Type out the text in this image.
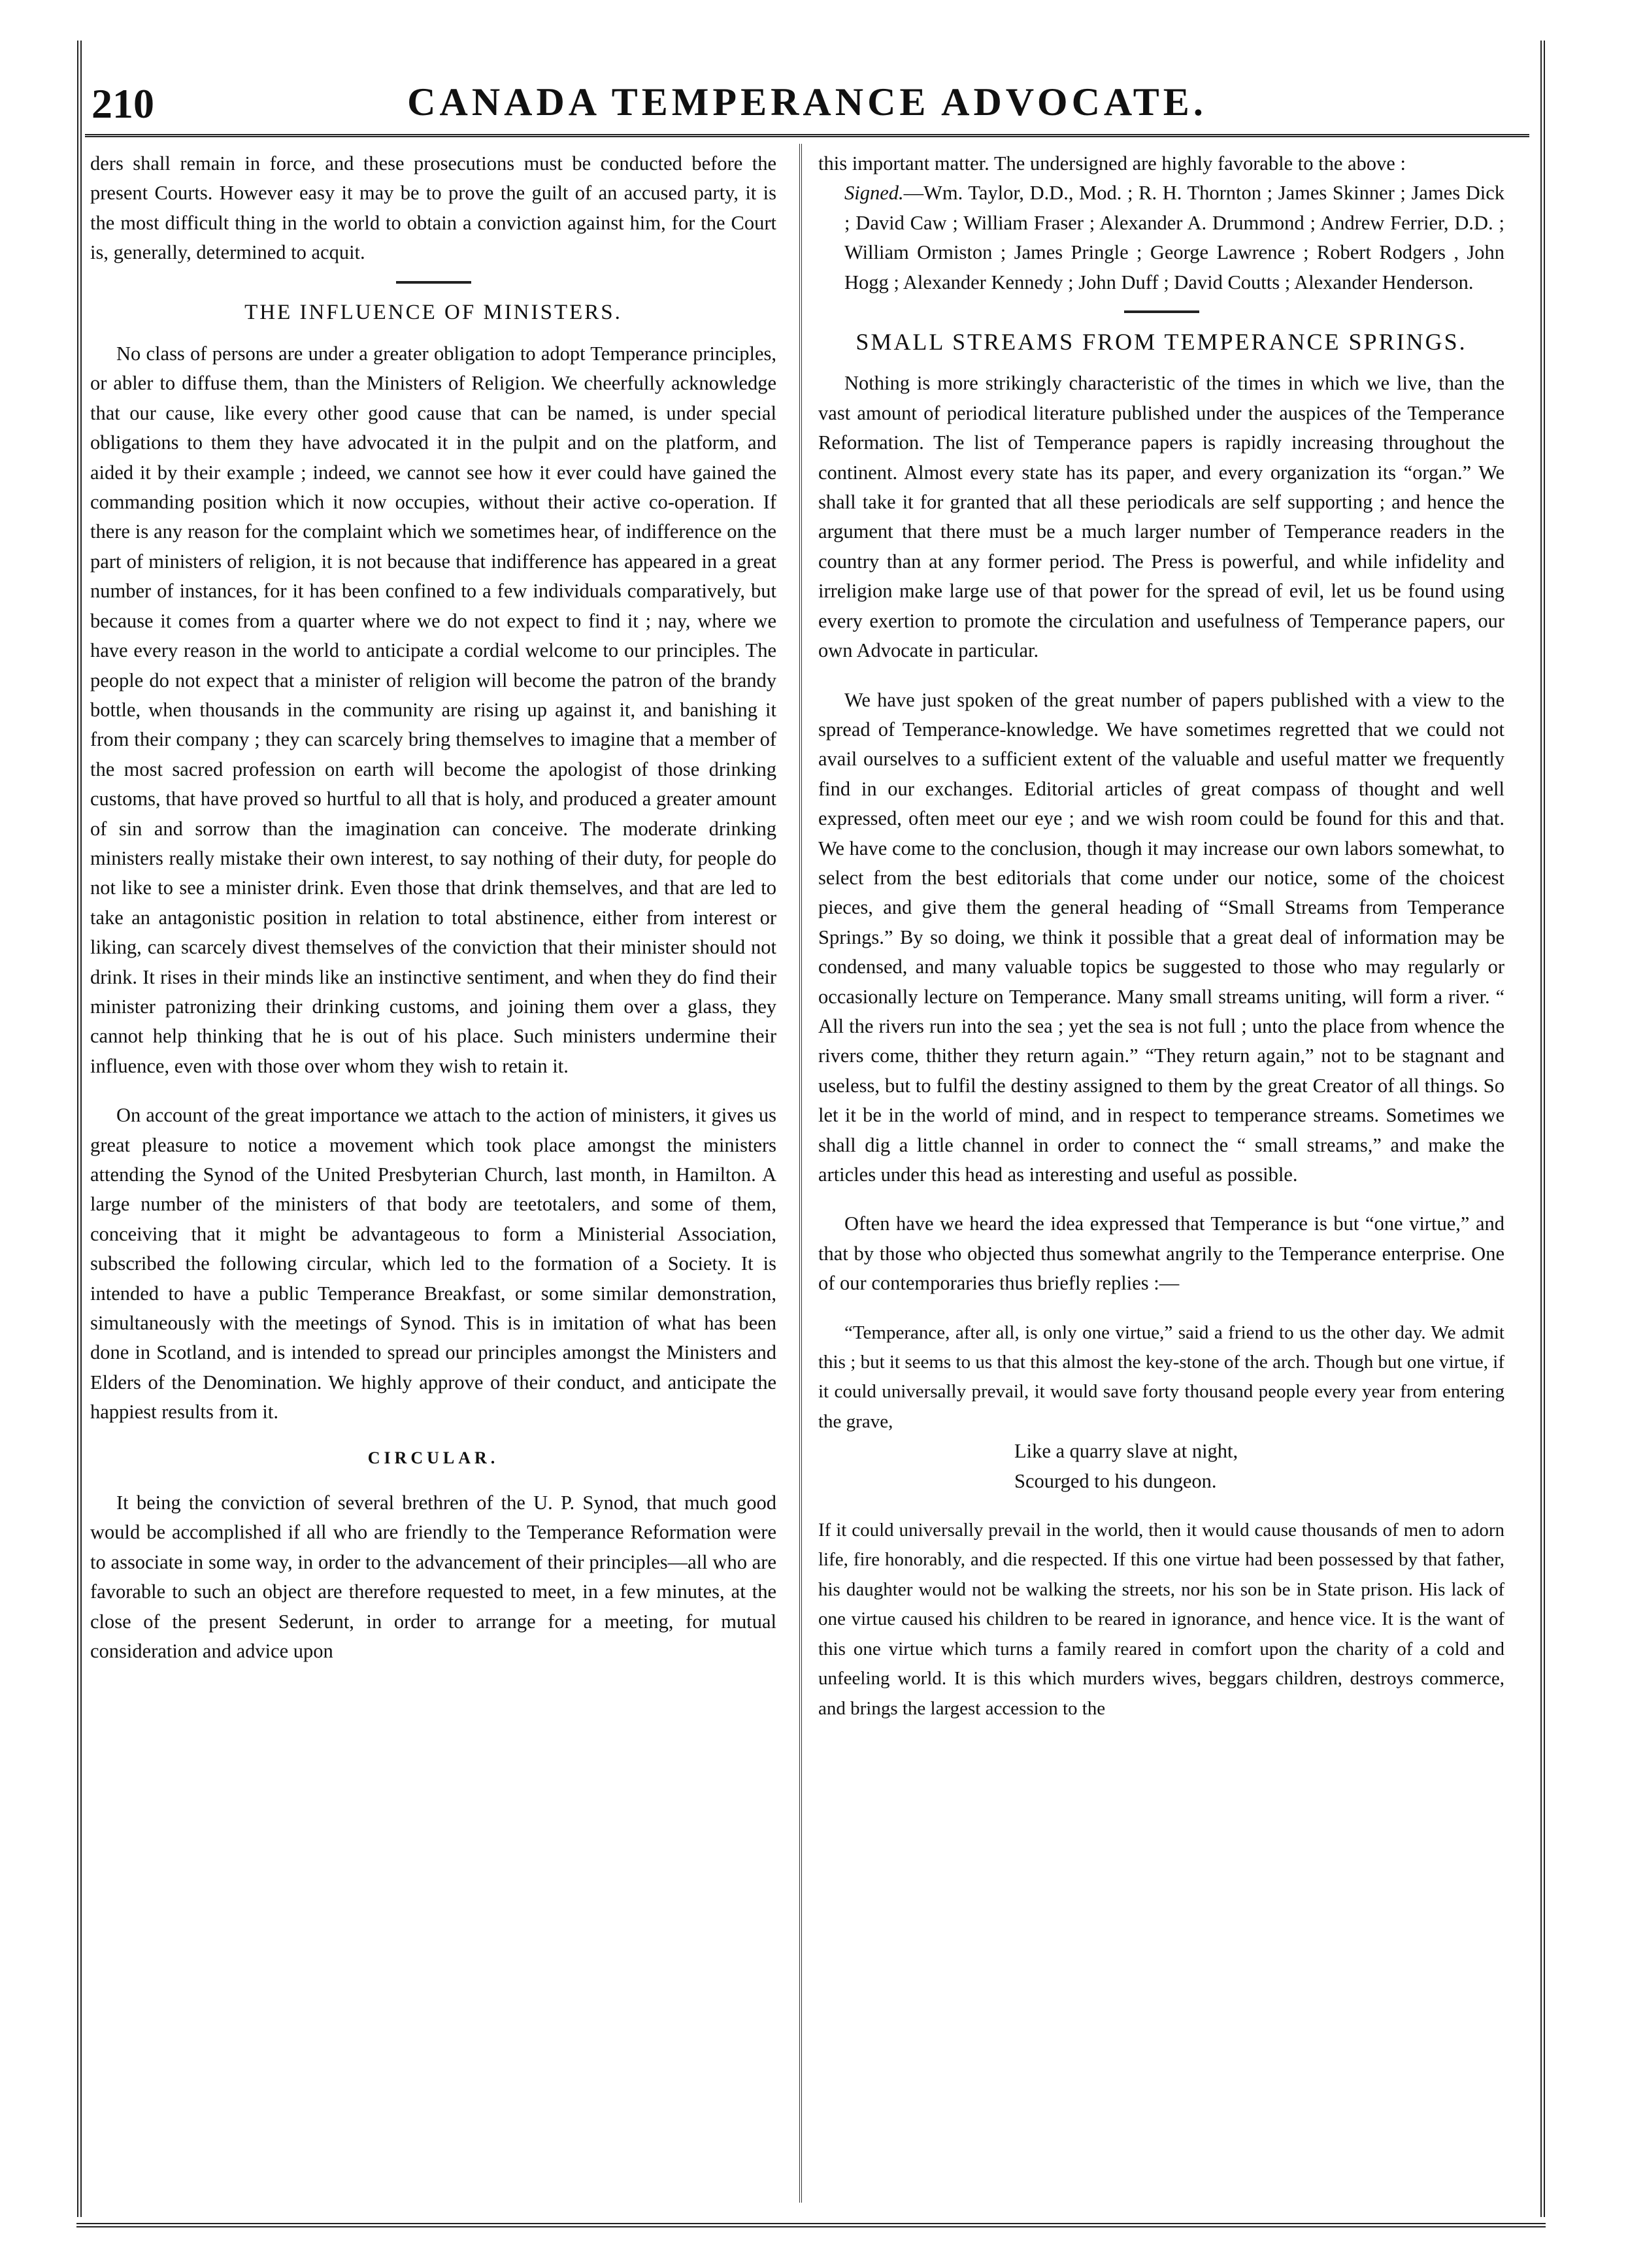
210	CANADA TEMPERANCE ADVOCATE.

ders shall remain in force, and these prosecutions must be conducted before the present Courts. However easy it may be to prove the guilt of an accused party, it is the most difficult thing in the world to obtain a conviction against him, for the Court is, generally, determined to acquit.

THE INFLUENCE OF MINISTERS.

No class of persons are under a greater obligation to adopt Temperance principles, or abler to diffuse them, than the Ministers of Religion. We cheerfully acknowledge that our cause, like every other good cause that can be named, is under special obligations to them they have advocated it in the pulpit and on the platform, and aided it by their example ; indeed, we cannot see how it ever could have gained the commanding position which it now occupies, without their active co-operation. If there is any reason for the complaint which we sometimes hear, of indifference on the part of ministers of religion, it is not because that indifference has appeared in a great number of instances, for it has been confined to a few individuals comparatively, but because it comes from a quarter where we do not expect to find it ; nay, where we have every reason in the world to anticipate a cordial welcome to our principles. The people do not expect that a minister of religion will become the patron of the brandy bottle, when thousands in the community are rising up against it, and banishing it from their company ; they can scarcely bring themselves to imagine that a member of the most sacred profession on earth will become the apologist of those drinking customs, that have proved so hurtful to all that is holy, and produced a greater amount of sin and sorrow than the imagination can conceive. The moderate drinking ministers really mistake their own interest, to say nothing of their duty, for people do not like to see a minister drink. Even those that drink themselves, and that are led to take an antagonistic position in relation to total abstinence, either from interest or liking, can scarcely divest themselves of the conviction that their minister should not drink. It rises in their minds like an instinctive sentiment, and when they do find their minister patronizing their drinking customs, and joining them over a glass, they cannot help thinking that he is out of his place. Such ministers undermine their influence, even with those over whom they wish to retain it.

On account of the great importance we attach to the action of ministers, it gives us great pleasure to notice a movement which took place amongst the ministers attending the Synod of the United Presbyterian Church, last month, in Hamilton. A large number of the ministers of that body are teetotalers, and some of them, conceiving that it might be advantageous to form a Ministerial Association, subscribed the following circular, which led to the formation of a Society. It is intended to have a public Temperance Breakfast, or some similar demonstration, simultaneously with the meetings of Synod. This is in imitation of what has been done in Scotland, and is intended to spread our principles amongst the Ministers and Elders of the Denomination. We highly approve of their conduct, and anticipate the happiest results from it.

CIRCULAR.

It being the conviction of several brethren of the U. P. Synod, that much good would be accomplished if all who are friendly to the Temperance Reformation were to associate in some way, in order to the advancement of their principles—all who are favorable to such an object are therefore requested to meet, in a few minutes, at the close of the present Sederunt, in order to arrange for a meeting, for mutual consideration and advice upon

this important matter. The undersigned are highly favorable to the above :

Signed.—Wm. Taylor, D.D., Mod. ; R. H. Thornton ; James Skinner ; James Dick ; David Caw ; William Fraser ; Alexander A. Drummond ; Andrew Ferrier, D.D. ; William Ormiston ; James Pringle ; George Lawrence ; Robert Rodgers , John Hogg ; Alexander Kennedy ; John Duff ; David Coutts ; Alexander Henderson.

SMALL STREAMS FROM TEMPERANCE SPRINGS.

Nothing is more strikingly characteristic of the times in which we live, than the vast amount of periodical literature published under the auspices of the Temperance Reformation. The list of Temperance papers is rapidly increasing throughout the continent. Almost every state has its paper, and every organization its “organ.” We shall take it for granted that all these periodicals are self supporting ; and hence the argument that there must be a much larger number of Temperance readers in the country than at any former period. The Press is powerful, and while infidelity and irreligion make large use of that power for the spread of evil, let us be found using every exertion to promote the circulation and usefulness of Temperance papers, our own Advocate in particular.

We have just spoken of the great number of papers published with a view to the spread of Temperance-knowledge. We have sometimes regretted that we could not avail ourselves to a sufficient extent of the valuable and useful matter we frequently find in our exchanges. Editorial articles of great compass of thought and well expressed, often meet our eye ; and we wish room could be found for this and that. We have come to the conclusion, though it may increase our own labors somewhat, to select from the best editorials that come under our notice, some of the choicest pieces, and give them the general heading of “Small Streams from Temperance Springs.” By so doing, we think it possible that a great deal of information may be condensed, and many valuable topics be suggested to those who may regularly or occasionally lecture on Temperance. Many small streams uniting, will form a river. “ All the rivers run into the sea ; yet the sea is not full ; unto the place from whence the rivers come, thither they return again.” “They return again,” not to be stagnant and useless, but to fulfil the destiny assigned to them by the great Creator of all things. So let it be in the world of mind, and in respect to temperance streams. Sometimes we shall dig a little channel in order to connect the “ small streams,” and make the articles under this head as interesting and useful as possible.

Often have we heard the idea expressed that Temperance is but “one virtue,” and that by those who objected thus somewhat angrily to the Temperance enterprise. One of our contemporaries thus briefly replies :—

“Temperance, after all, is only one virtue,” said a friend to us the other day. We admit this ; but it seems to us that this almost the key-stone of the arch. Though but one virtue, if it could universally prevail, it would save forty thousand people every year from entering the grave,

Like a quarry slave at night,

Scourged to his dungeon.

If it could universally prevail in the world, then it would cause thousands of men to adorn life, fire honorably, and die respected. If this one virtue had been possessed by that father, his daughter would not be walking the streets, nor his son be in State prison. His lack of one virtue caused his children to be reared in ignorance, and hence vice. It is the want of this one virtue which turns a family reared in comfort upon the charity of a cold and unfeeling world. It is this which murders wives, beggars children, destroys commerce, and brings the largest accession to the
